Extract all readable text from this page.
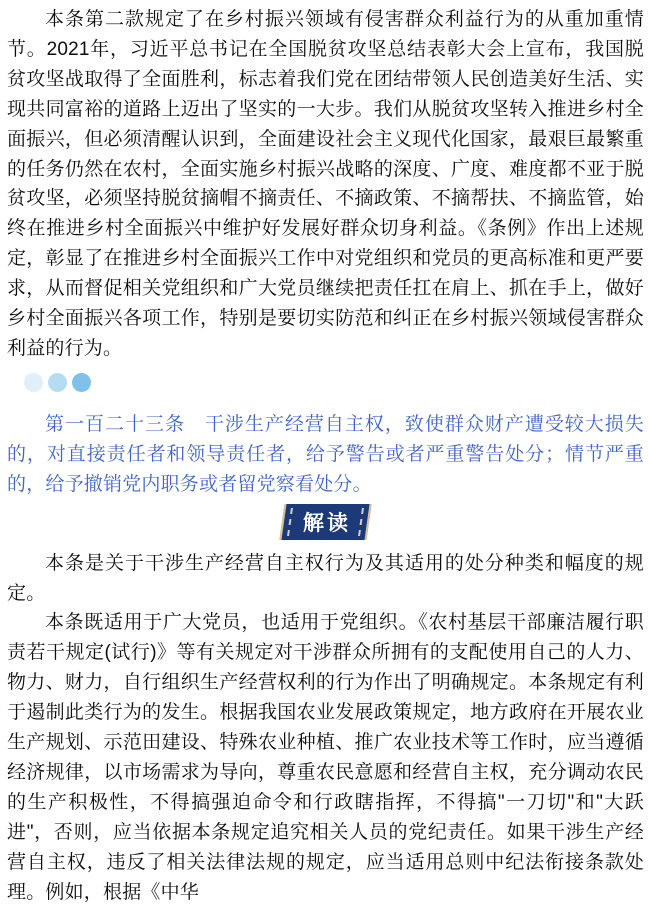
本条第二款规定了在乡村振兴领域有侵害群众利益行为的从重加重情节。2021年，习近平总书记在全国脱贫攻坚总结表彰大会上宣布，我国脱贫攻坚战取得了全面胜利，标志着我们党在团结带领人民创造美好生活、实现共同富裕的道路上迈出了坚实的一大步。我们从脱贫攻坚转入推进乡村全面振兴，但必须清醒认识到，全面建设社会主义现代化国家，最艰巨最繁重的任务仍然在农村，全面实施乡村振兴战略的深度、广度、难度都不亚于脱贫攻坚，必须坚持脱贫摘帽不摘责任、不摘政策、不摘帮扶、不摘监管，始终在推进乡村全面振兴中维护好发展好群众切身利益。《条例》作出上述规定，彰显了在推进乡村全面振兴工作中对党组织和党员的更高标准和更严要求，从而督促相关党组织和广大党员继续把责任扛在肩上、抓在手上，做好乡村全面振兴各项工作，特别是要切实防范和纠正在乡村振兴领域侵害群众利益的行为。

第一百二十三条　干涉生产经营自主权，致使群众财产遭受较大损失的，对直接责任者和领导责任者，给予警告或者严重警告处分；情节严重的，给予撤销党内职务或者留党察看处分。

解读

本条是关于干涉生产经营自主权行为及其适用的处分种类和幅度的规定。

本条既适用于广大党员，也适用于党组织。《农村基层干部廉洁履行职责若干规定(试行)》等有关规定对干涉群众所拥有的支配使用自己的人力、物力、财力，自行组织生产经营权利的行为作出了明确规定。本条规定有利于遏制此类行为的发生。根据我国农业发展政策规定，地方政府在开展农业生产规划、示范田建设、特殊农业种植、推广农业技术等工作时，应当遵循经济规律，以市场需求为导向，尊重农民意愿和经营自主权，充分调动农民的生产积极性，不得搞强迫命令和行政瞎指挥，不得搞"一刀切"和"大跃进"，否则，应当依据本条规定追究相关人员的党纪责任。如果干涉生产经营自主权，违反了相关法律法规的规定，应当适用总则中纪法衔接条款处理。例如，根据《中华
